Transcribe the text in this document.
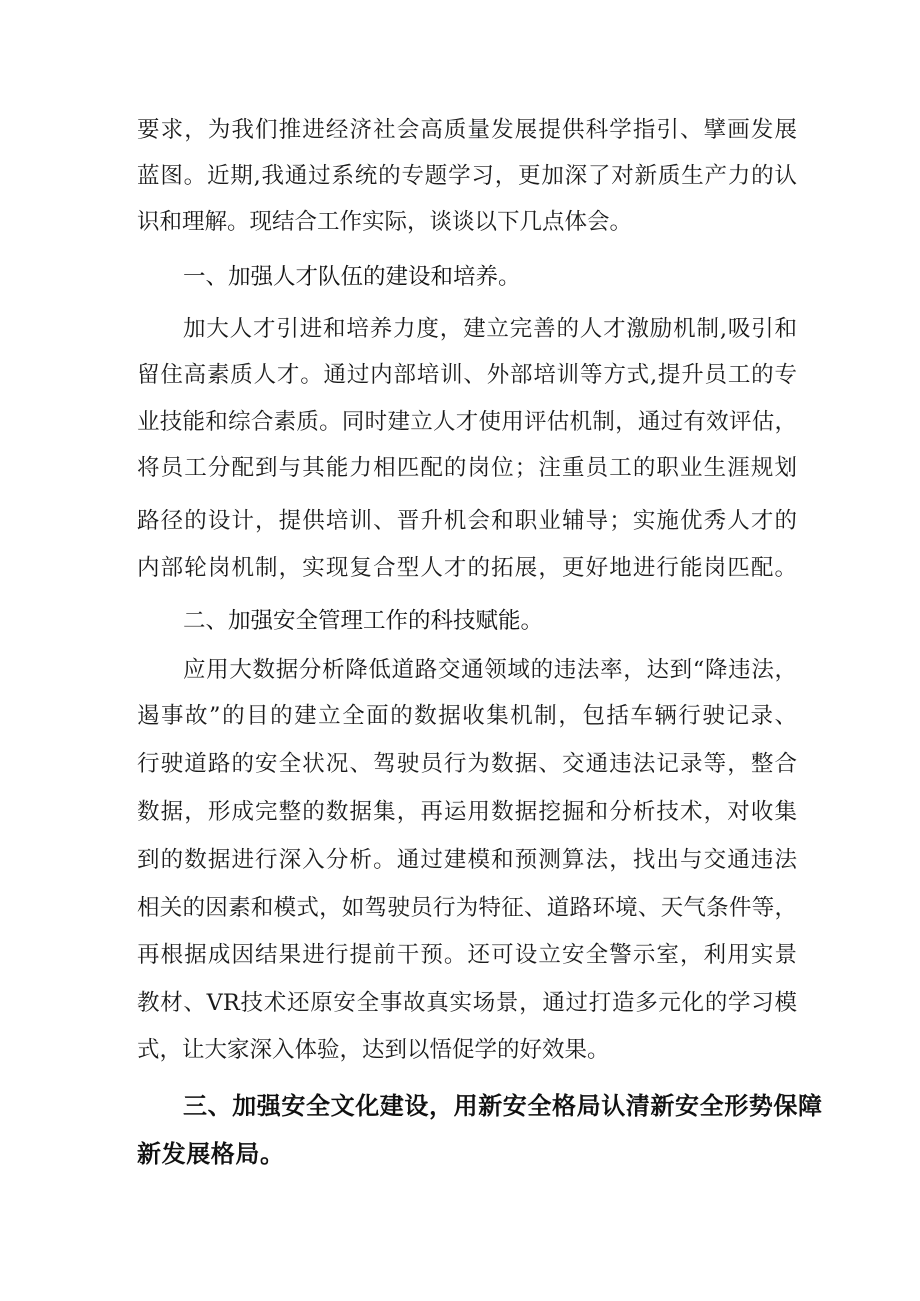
要求，为我们推进经济社会高质量发展提供科学指引、擘画发展
蓝图。近期,我通过系统的专题学习，更加深了对新质生产力的认
识和理解。现结合工作实际，谈谈以下几点体会。
一、加强人才队伍的建设和培养。
加大人才引进和培养力度，建立完善的人才激励机制,吸引和
留住高素质人才。通过内部培训、外部培训等方式,提升员工的专
业技能和综合素质。同时建立人才使用评估机制，通过有效评估，
将员工分配到与其能力相匹配的岗位；注重员工的职业生涯规划
路径的设计，提供培训、晋升机会和职业辅导；实施优秀人才的
内部轮岗机制，实现复合型人才的拓展，更好地进行能岗匹配。
二、加强安全管理工作的科技赋能。
应用大数据分析降低道路交通领域的违法率，达到“降违法，
遏事故”的目的建立全面的数据收集机制，包括车辆行驶记录、
行驶道路的安全状况、驾驶员行为数据、交通违法记录等，整合
数据，形成完整的数据集，再运用数据挖掘和分析技术，对收集
到的数据进行深入分析。通过建模和预测算法，找出与交通违法
相关的因素和模式，如驾驶员行为特征、道路环境、天气条件等，
再根据成因结果进行提前干预。还可设立安全警示室，利用实景
教材、VR技术还原安全事故真实场景，通过打造多元化的学习模
式，让大家深入体验，达到以悟促学的好效果。
三、加强安全文化建设，用新安全格局认清新安全形势保障
新发展格局。
